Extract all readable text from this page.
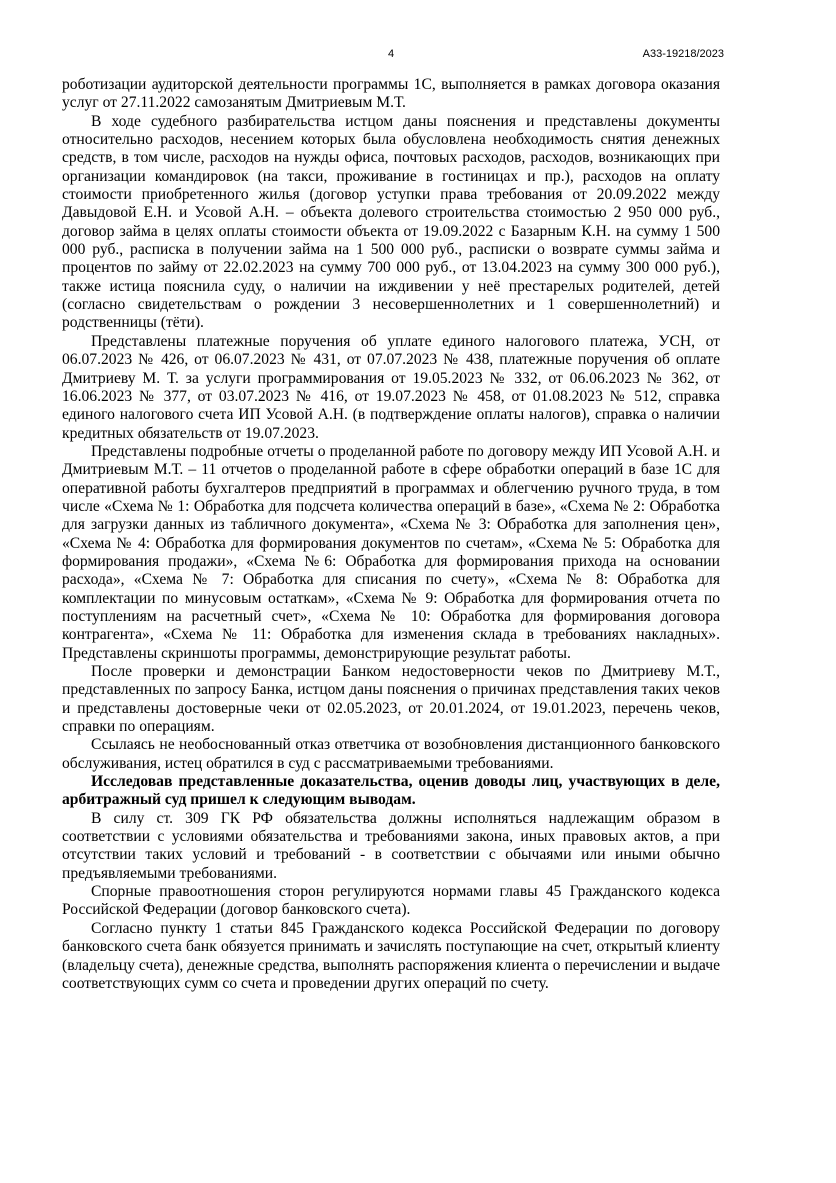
4	А33-19218/2023

роботизации аудиторской деятельности программы 1С, выполняется в рамках договора оказания услуг от 27.11.2022 самозанятым Дмитриевым М.Т.

В ходе судебного разбирательства истцом даны пояснения и представлены документы относительно расходов, несением которых была обусловлена необходимость снятия денежных средств, в том числе, расходов на нужды офиса, почтовых расходов, расходов, возникающих при организации командировок (на такси, проживание в гостиницах и пр.), расходов на оплату стоимости приобретенного жилья (договор уступки права требования от 20.09.2022 между Давыдовой Е.Н. и Усовой А.Н. – объекта долевого строительства стоимостью 2 950 000 руб., договор займа в целях оплаты стоимости объекта от 19.09.2022 с Базарным К.Н. на сумму 1 500 000 руб., расписка в получении займа на 1 500 000 руб., расписки о возврате суммы займа и процентов по займу от 22.02.2023 на сумму 700 000 руб., от 13.04.2023 на сумму 300 000 руб.), также истица пояснила суду, о наличии на иждивении у неё престарелых родителей, детей (согласно свидетельствам о рождении 3 несовершеннолетних и 1 совершеннолетний) и родственницы (тёти).

Представлены платежные поручения об уплате единого налогового платежа, УСН, от 06.07.2023 № 426, от 06.07.2023 № 431, от 07.07.2023 № 438, платежные поручения об оплате Дмитриеву М. Т. за услуги программирования от 19.05.2023 № 332, от 06.06.2023 № 362, от 16.06.2023 № 377, от 03.07.2023 № 416, от 19.07.2023 № 458, от 01.08.2023 № 512, справка единого налогового счета ИП Усовой А.Н. (в подтверждение оплаты налогов), справка о наличии кредитных обязательств от 19.07.2023.

Представлены подробные отчеты о проделанной работе по договору между ИП Усовой А.Н. и Дмитриевым М.Т. – 11 отчетов о проделанной работе в сфере обработки операций в базе 1С для оперативной работы бухгалтеров предприятий в программах и облегчению ручного труда, в том числе «Схема № 1: Обработка для подсчета количества операций в базе», «Схема № 2: Обработка для загрузки данных из табличного документа», «Схема № 3: Обработка для заполнения цен», «Схема № 4: Обработка для формирования документов по счетам», «Схема № 5: Обработка для формирования продажи», «Схема №6: Обработка для формирования прихода на основании расхода», «Схема № 7: Обработка для списания по счету», «Схема № 8: Обработка для комплектации по минусовым остаткам», «Схема № 9: Обработка для формирования отчета по поступлениям на расчетный счет», «Схема № 10: Обработка для формирования договора контрагента», «Схема № 11: Обработка для изменения склада в требованиях накладных». Представлены скриншоты программы, демонстрирующие результат работы.

После проверки и демонстрации Банком недостоверности чеков по Дмитриеву М.Т., представленных по запросу Банка, истцом даны пояснения о причинах представления таких чеков и представлены достоверные чеки от 02.05.2023, от 20.01.2024, от 19.01.2023, перечень чеков, справки по операциям.

Ссылаясь не необоснованный отказ ответчика от возобновления дистанционного банковского обслуживания, истец обратился в суд с рассматриваемыми требованиями.

Исследовав представленные доказательства, оценив доводы лиц, участвующих в деле, арбитражный суд пришел к следующим выводам.

В силу ст. 309 ГК РФ обязательства должны исполняться надлежащим образом в соответствии с условиями обязательства и требованиями закона, иных правовых актов, а при отсутствии таких условий и требований - в соответствии с обычаями или иными обычно предъявляемыми требованиями.

Спорные правоотношения сторон регулируются нормами главы 45 Гражданского кодекса Российской Федерации (договор банковского счета).

Согласно пункту 1 статьи 845 Гражданского кодекса Российской Федерации по договору банковского счета банк обязуется принимать и зачислять поступающие на счет, открытый клиенту (владельцу счета), денежные средства, выполнять распоряжения клиента о перечислении и выдаче соответствующих сумм со счета и проведении других операций по счету.
